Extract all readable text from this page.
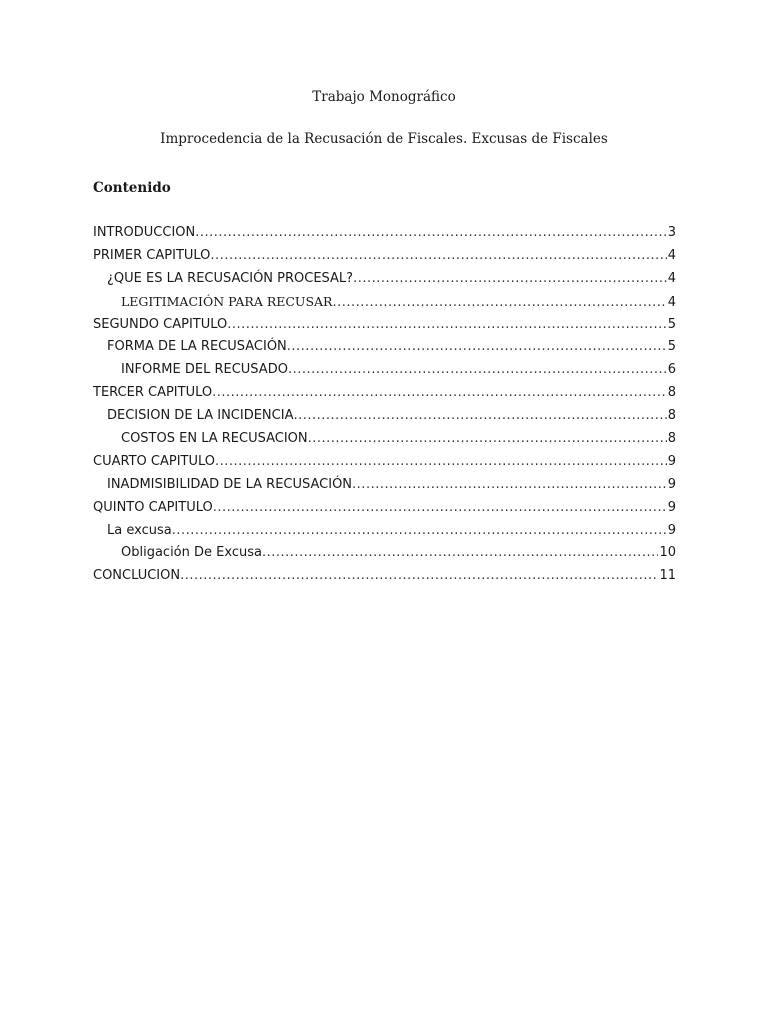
Trabajo Monográfico
Improcedencia de la Recusación de Fiscales. Excusas de Fiscales
Contenido
INTRODUCCION .....	3
PRIMER CAPITULO .....	4
¿QUE ES LA RECUSACIÓN PROCESAL? .....	4
LEGITIMACIÓN PARA RECUSAR .....	4
SEGUNDO CAPITULO .....	5
FORMA DE LA RECUSACIÓN .....	5
INFORME DEL RECUSADO .....	6
TERCER CAPITULO .....	8
DECISION DE LA INCIDENCIA .....	8
COSTOS EN LA RECUSACION .....	8
CUARTO CAPITULO .....	9
INADMISIBILIDAD DE LA RECUSACIÓN .....	9
QUINTO CAPITULO .....	9
La excusa .....	9
Obligación De Excusa .....	10
CONCLUCION .....	11
